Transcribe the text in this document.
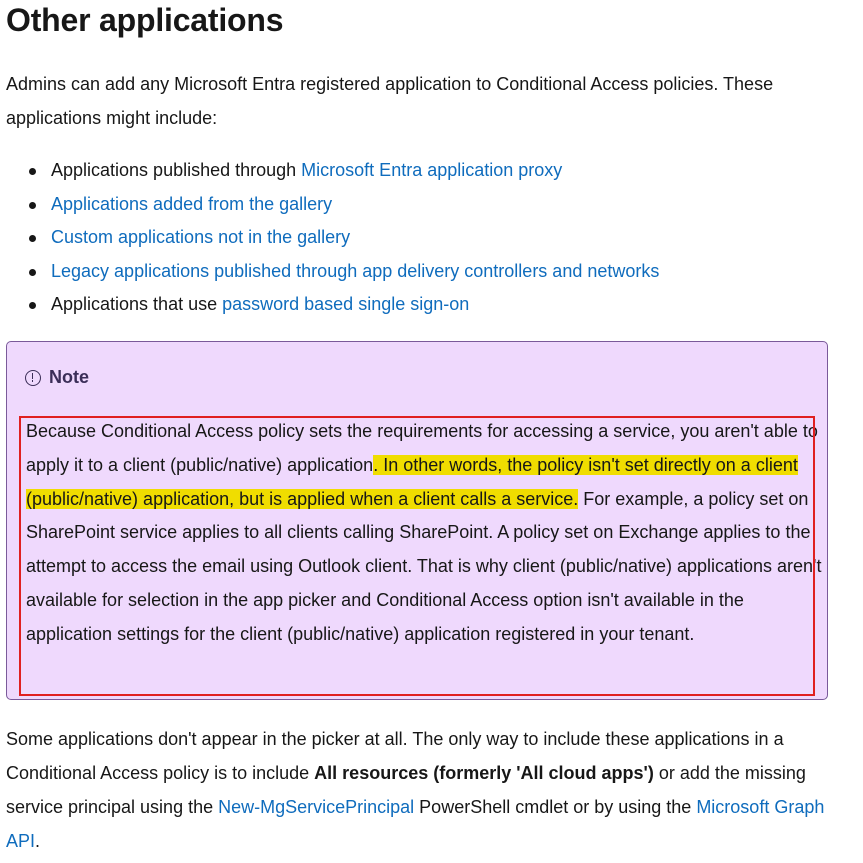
Other applications

Admins can add any Microsoft Entra registered application to Conditional Access policies. These applications might include:

Applications published through Microsoft Entra application proxy
Applications added from the gallery
Custom applications not in the gallery
Legacy applications published through app delivery controllers and networks
Applications that use password based single sign-on
Note

Because Conditional Access policy sets the requirements for accessing a service, you aren't able to apply it to a client (public/native) application. In other words, the policy isn't set directly on a client (public/native) application, but is applied when a client calls a service. For example, a policy set on SharePoint service applies to all clients calling SharePoint. A policy set on Exchange applies to the attempt to access the email using Outlook client. That is why client (public/native) applications aren't available for selection in the app picker and Conditional Access option isn't available in the application settings for the client (public/native) application registered in your tenant.

Some applications don't appear in the picker at all. The only way to include these applications in a Conditional Access policy is to include All resources (formerly 'All cloud apps') or add the missing service principal using the New-MgServicePrincipal PowerShell cmdlet or by using the Microsoft Graph API.
